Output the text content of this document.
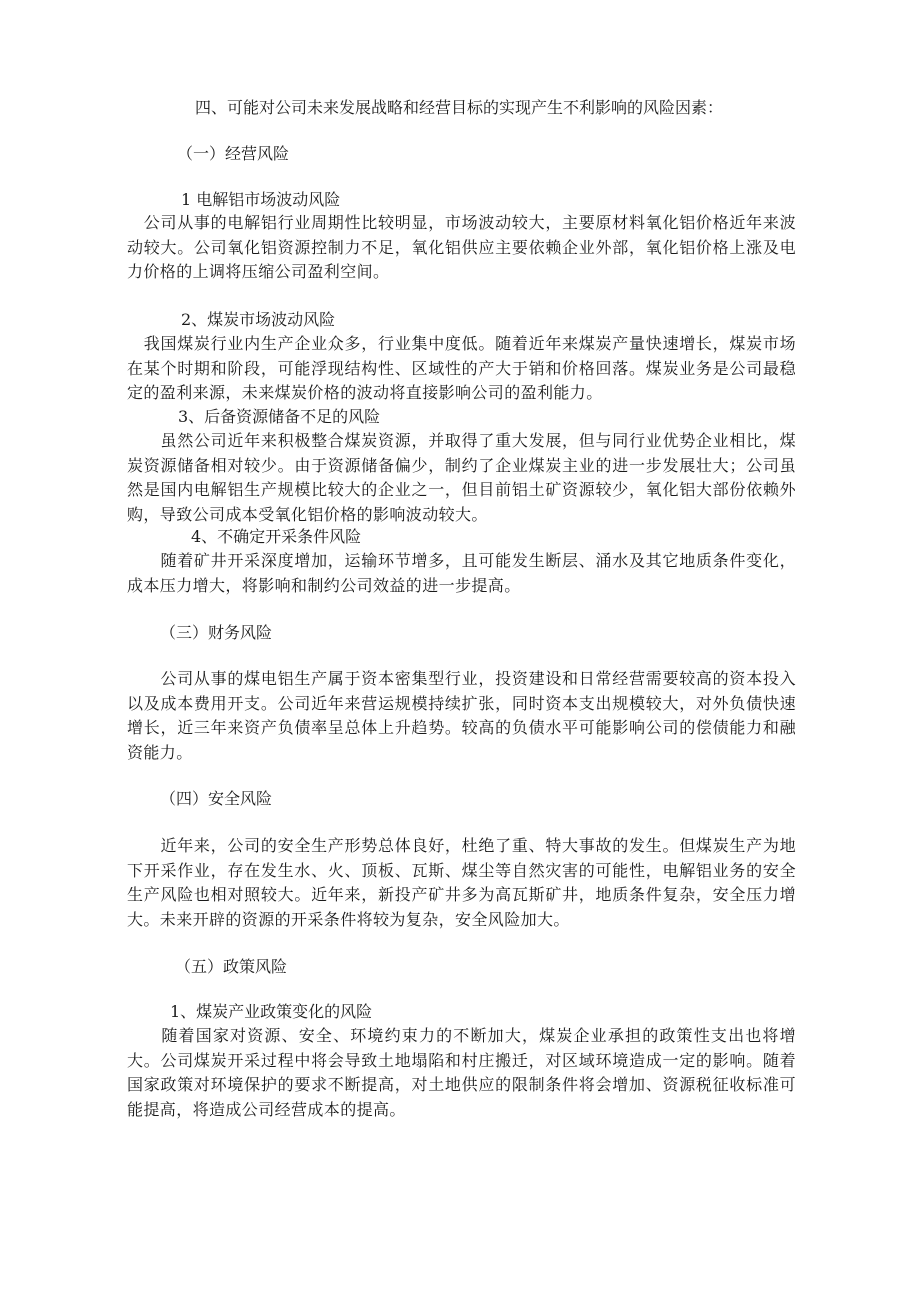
四、可能对公司未来发展战略和经营目标的实现产生不利影响的风险因素：
（一）经营风险
1 电解铝市场波动风险
　公司从事的电解铝行业周期性比较明显，市场波动较大，主要原材料氧化铝价格近年来波动较大。公司氧化铝资源控制力不足，氧化铝供应主要依赖企业外部，氧化铝价格上涨及电力价格的上调将压缩公司盈利空间。
2、煤炭市场波动风险
　我国煤炭行业内生产企业众多，行业集中度低。随着近年来煤炭产量快速增长，煤炭市场在某个时期和阶段，可能浮现结构性、区域性的产大于销和价格回落。煤炭业务是公司最稳定的盈利来源，未来煤炭价格的波动将直接影响公司的盈利能力。
3、后备资源储备不足的风险
　　虽然公司近年来积极整合煤炭资源，并取得了重大发展，但与同行业优势企业相比，煤炭资源储备相对较少。由于资源储备偏少，制约了企业煤炭主业的进一步发展壮大；公司虽然是国内电解铝生产规模比较大的企业之一，但目前铝土矿资源较少，氧化铝大部份依赖外购，导致公司成本受氧化铝价格的影响波动较大。
4、不确定开采条件风险
　　随着矿井开采深度增加，运输环节增多，且可能发生断层、涌水及其它地质条件变化，成本压力增大，将影响和制约公司效益的进一步提高。
（三）财务风险
　　公司从事的煤电铝生产属于资本密集型行业，投资建设和日常经营需要较高的资本投入以及成本费用开支。公司近年来营运规模持续扩张，同时资本支出规模较大，对外负债快速增长，近三年来资产负债率呈总体上升趋势。较高的负债水平可能影响公司的偿债能力和融资能力。
（四）安全风险
　　近年来，公司的安全生产形势总体良好，杜绝了重、特大事故的发生。但煤炭生产为地下开采作业，存在发生水、火、顶板、瓦斯、煤尘等自然灾害的可能性，电解铝业务的安全生产风险也相对照较大。近年来，新投产矿井多为高瓦斯矿井，地质条件复杂，安全压力增大。未来开辟的资源的开采条件将较为复杂，安全风险加大。
（五）政策风险
1、煤炭产业政策变化的风险
　　随着国家对资源、安全、环境约束力的不断加大，煤炭企业承担的政策性支出也将增大。公司煤炭开采过程中将会导致土地塌陷和村庄搬迁，对区域环境造成一定的影响。随着国家政策对环境保护的要求不断提高，对土地供应的限制条件将会增加、资源税征收标准可能提高，将造成公司经营成本的提高。
